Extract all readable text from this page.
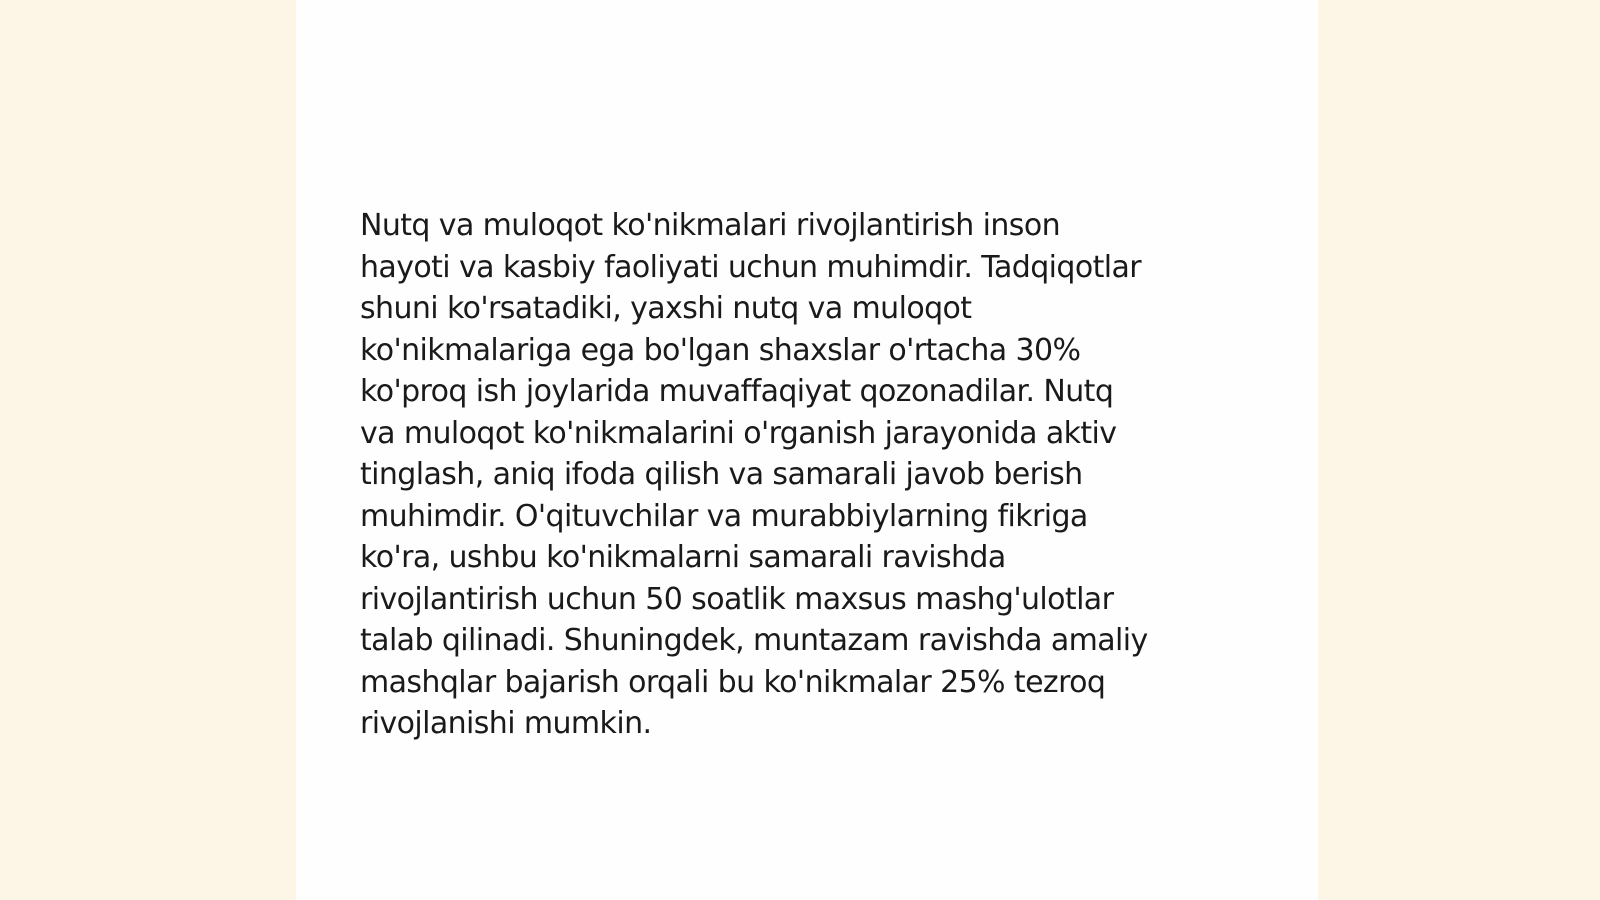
Nutq va muloqot ko'nikmalari rivojlantirish inson
hayoti va kasbiy faoliyati uchun muhimdir. Tadqiqotlar
shuni ko'rsatadiki, yaxshi nutq va muloqot
ko'nikmalariga ega bo'lgan shaxslar o'rtacha 30%
ko'proq ish joylarida muvaffaqiyat qozonadilar. Nutq
va muloqot ko'nikmalarini o'rganish jarayonida aktiv
tinglash, aniq ifoda qilish va samarali javob berish
muhimdir. O'qituvchilar va murabbiylarning fikriga
ko'ra, ushbu ko'nikmalarni samarali ravishda
rivojlantirish uchun 50 soatlik maxsus mashg'ulotlar
talab qilinadi. Shuningdek, muntazam ravishda amaliy
mashqlar bajarish orqali bu ko'nikmalar 25% tezroq
rivojlanishi mumkin.
